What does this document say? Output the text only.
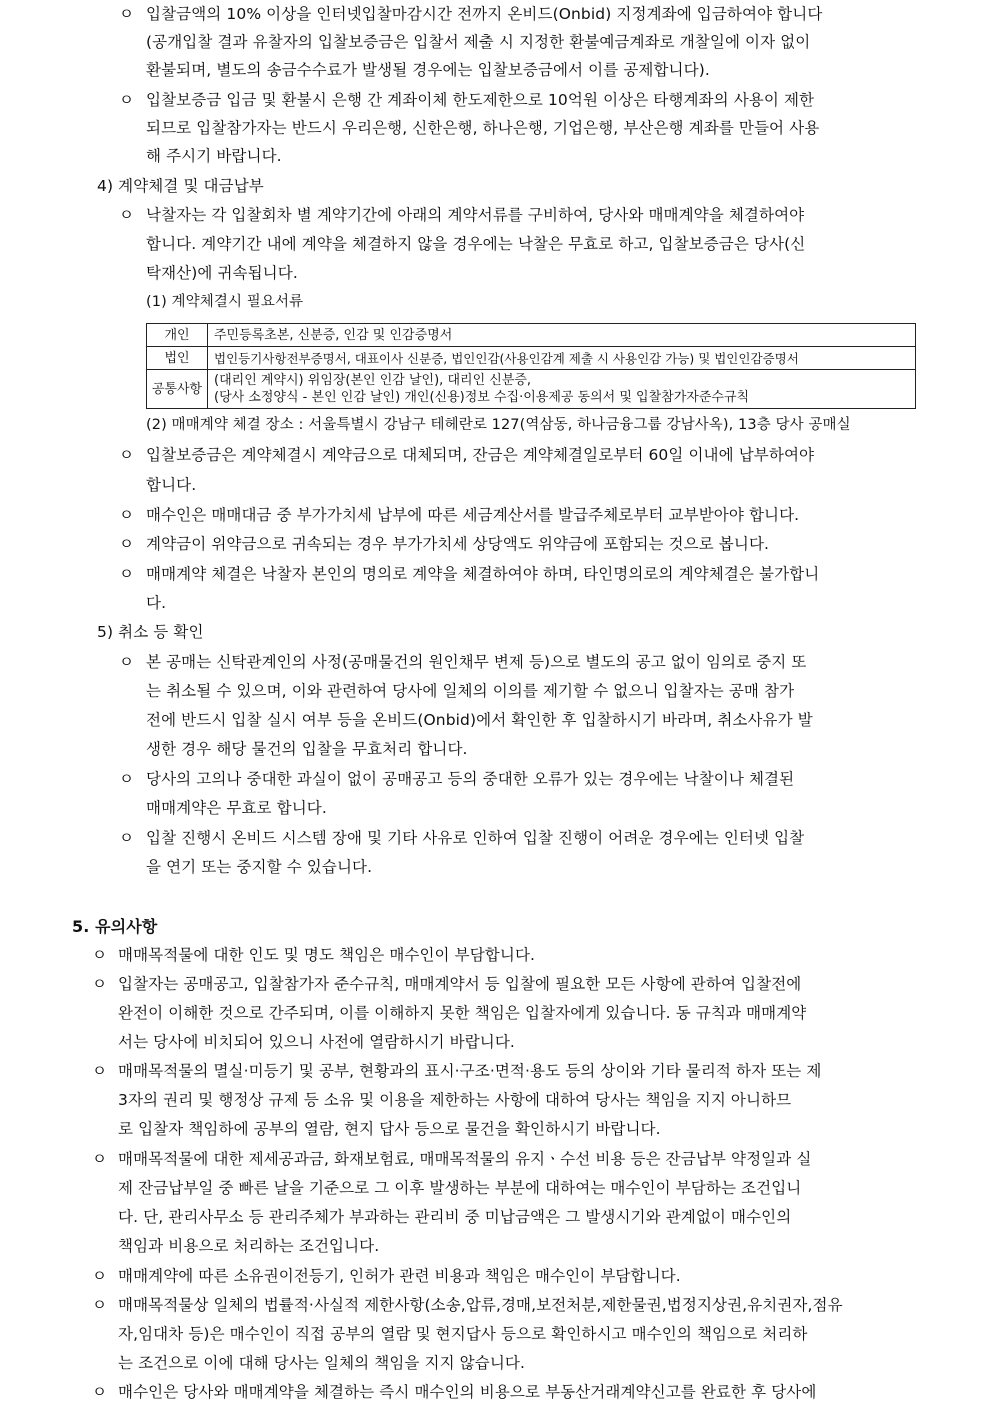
ㅇ 입찰금액의 10% 이상을 인터넷입찰마감시간 전까지 온비드(Onbid) 지정계좌에 입금하여야 합니다
(공개입찰 결과 유찰자의 입찰보증금은 입찰서 제출 시 지정한 환불예금계좌로 개찰일에 이자 없이
환불되며, 별도의 송금수수료가 발생될 경우에는 입찰보증금에서 이를 공제합니다).
ㅇ 입찰보증금 입금 및 환불시 은행 간 계좌이체 한도제한으로 10억원 이상은 타행계좌의 사용이 제한
되므로 입찰참가자는 반드시 우리은행, 신한은행, 하나은행, 기업은행, 부산은행 계좌를 만들어 사용
해 주시기 바랍니다.
4) 계약체결 및 대금납부
ㅇ 낙찰자는 각 입찰회차 별 계약기간에 아래의 계약서류를 구비하여, 당사와 매매계약을 체결하여야
합니다. 계약기간 내에 계약을 체결하지 않을 경우에는 낙찰은 무효로 하고, 입찰보증금은 당사(신
탁재산)에 귀속됩니다.
(1) 계약체결시 필요서류
개인	주민등록초본, 신분증, 인감 및 인감증명서
법인	법인등기사항전부증명서, 대표이사 신분증, 법인인감(사용인감계 제출 시 사용인감 가능) 및 법인인감증명서
공통사항	(대리인 계약시) 위임장(본인 인감 날인), 대리인 신분증,
(당사 소정양식 - 본인 인감 날인) 개인(신용)정보 수집·이용제공 동의서 및 입찰참가자준수규칙
(2) 매매계약 체결 장소 : 서울특별시 강남구 테헤란로 127(역삼동, 하나금융그룹 강남사옥), 13층 당사 공매실
ㅇ 입찰보증금은 계약체결시 계약금으로 대체되며, 잔금은 계약체결일로부터 60일 이내에 납부하여야
합니다.
ㅇ 매수인은 매매대금 중 부가가치세 납부에 따른 세금계산서를 발급주체로부터 교부받아야 합니다.
ㅇ 계약금이 위약금으로 귀속되는 경우 부가가치세 상당액도 위약금에 포함되는 것으로 봅니다.
ㅇ 매매계약 체결은 낙찰자 본인의 명의로 계약을 체결하여야 하며, 타인명의로의 계약체결은 불가합니
다.
5) 취소 등 확인
ㅇ 본 공매는 신탁관계인의 사정(공매물건의 원인채무 변제 등)으로 별도의 공고 없이 임의로 중지 또
는 취소될 수 있으며, 이와 관련하여 당사에 일체의 이의를 제기할 수 없으니 입찰자는 공매 참가
전에 반드시 입찰 실시 여부 등을 온비드(Onbid)에서 확인한 후 입찰하시기 바라며, 취소사유가 발
생한 경우 해당 물건의 입찰을 무효처리 합니다.
ㅇ 당사의 고의나 중대한 과실이 없이 공매공고 등의 중대한 오류가 있는 경우에는 낙찰이나 체결된
매매계약은 무효로 합니다.
ㅇ 입찰 진행시 온비드 시스템 장애 및 기타 사유로 인하여 입찰 진행이 어려운 경우에는 인터넷 입찰
을 연기 또는 중지할 수 있습니다.
5. 유의사항
ㅇ 매매목적물에 대한 인도 및 명도 책임은 매수인이 부담합니다.
ㅇ 입찰자는 공매공고, 입찰참가자 준수규칙, 매매계약서 등 입찰에 필요한 모든 사항에 관하여 입찰전에
완전이 이해한 것으로 간주되며, 이를 이해하지 못한 책임은 입찰자에게 있습니다. 동 규칙과 매매계약
서는 당사에 비치되어 있으니 사전에 열람하시기 바랍니다.
ㅇ 매매목적물의 멸실·미등기 및 공부, 현황과의 표시·구조·면적·용도 등의 상이와 기타 물리적 하자 또는 제
3자의 권리 및 행정상 규제 등 소유 및 이용을 제한하는 사항에 대하여 당사는 책임을 지지 아니하므
로 입찰자 책임하에 공부의 열람, 현지 답사 등으로 물건을 확인하시기 바랍니다.
ㅇ 매매목적물에 대한 제세공과금, 화재보험료, 매매목적물의 유지ㆍ수선 비용 등은 잔금납부 약정일과 실
제 잔금납부일 중 빠른 날을 기준으로 그 이후 발생하는 부분에 대하여는 매수인이 부담하는 조건입니
다. 단, 관리사무소 등 관리주체가 부과하는 관리비 중 미납금액은 그 발생시기와 관계없이 매수인의
책임과 비용으로 처리하는 조건입니다.
ㅇ 매매계약에 따른 소유권이전등기, 인허가 관련 비용과 책임은 매수인이 부담합니다.
ㅇ 매매목적물상 일체의 법률적·사실적 제한사항(소송,압류,경매,보전처분,제한물권,법정지상권,유치권자,점유
자,임대차 등)은 매수인이 직접 공부의 열람 및 현지답사 등으로 확인하시고 매수인의 책임으로 처리하
는 조건으로 이에 대해 당사는 일체의 책임을 지지 않습니다.
ㅇ 매수인은 당사와 매매계약을 체결하는 즉시 매수인의 비용으로 부동산거래계약신고를 완료한 후 당사에
